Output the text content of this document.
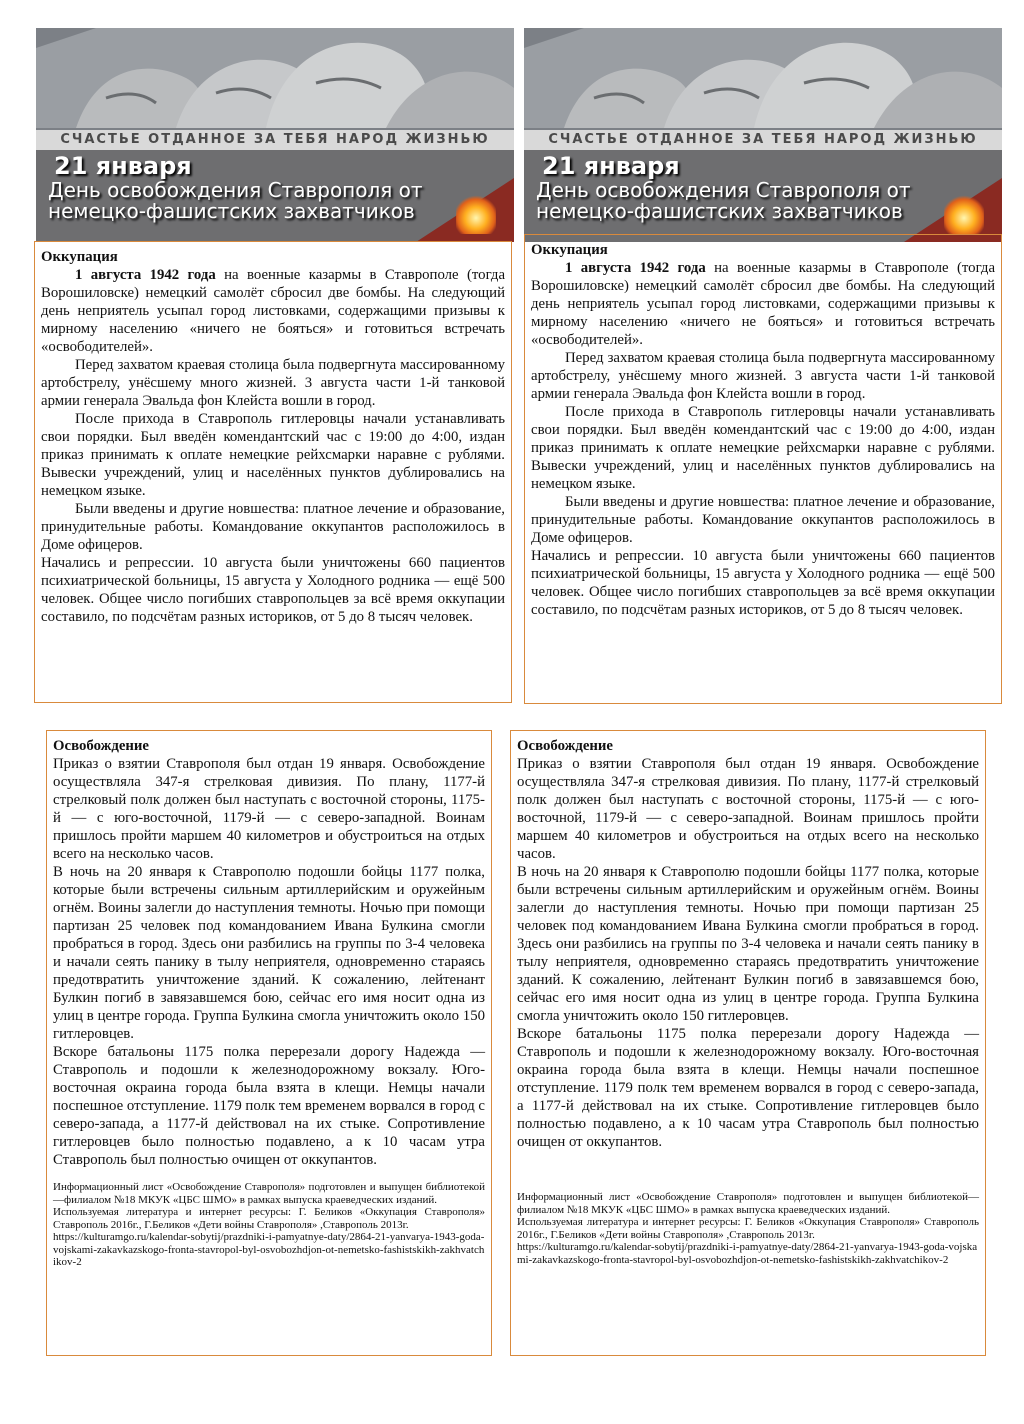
СЧАСТЬЕ ОТДАННОЕ ЗА ТЕБЯ НАРОД ЖИЗНЬЮ
21 января
День освобождения Ставрополя от немецко-фашистских захватчиков
СЧАСТЬЕ ОТДАННОЕ ЗА ТЕБЯ НАРОД ЖИЗНЬЮ
21 января
День освобождения Ставрополя от немецко-фашистских захватчиков
Оккупация

1 августа 1942 года на военные казармы в Ставрополе (тогда Ворошиловске) немецкий самолёт сбросил две бомбы. На следующий день неприятель усыпал город листовками, содержащими призывы к мирному населению «ничего не бояться» и готовиться встречать «освободителей».

Перед захватом краевая столица была подвергнута массированному артобстрелу, унёсшему много жизней. 3 августа части 1-й танковой армии генерала Эвальда фон Клейста вошли в город.

После прихода в Ставрополь гитлеровцы начали устанавливать свои порядки. Был введён комендантский час с 19:00 до 4:00, издан приказ принимать к оплате немецкие рейхсмарки наравне с рублями. Вывески учреждений, улиц и населённых пунктов дублировались на немецком языке.

Были введены и другие новшества: платное лечение и образование, принудительные работы. Командование оккупантов расположилось в Доме офицеров.

Начались и репрессии. 10 августа были уничтожены 660 пациентов психиатрической больницы, 15 августа у Холодного родника — ещё 500 человек. Общее число погибших ставропольцев за всё время оккупации составило, по подсчётам разных историков, от 5 до 8 тысяч человек.

Оккупация

1 августа 1942 года на военные казармы в Ставрополе (тогда Ворошиловске) немецкий самолёт сбросил две бомбы. На следующий день неприятель усыпал город листовками, содержащими призывы к мирному населению «ничего не бояться» и готовиться встречать «освободителей».

Перед захватом краевая столица была подвергнута массированному артобстрелу, унёсшему много жизней. 3 августа части 1-й танковой армии генерала Эвальда фон Клейста вошли в город.

После прихода в Ставрополь гитлеровцы начали устанавливать свои порядки. Был введён комендантский час с 19:00 до 4:00, издан приказ принимать к оплате немецкие рейхсмарки наравне с рублями. Вывески учреждений, улиц и населённых пунктов дублировались на немецком языке.

Были введены и другие новшества: платное лечение и образование, принудительные работы. Командование оккупантов расположилось в Доме офицеров.

Начались и репрессии. 10 августа были уничтожены 660 пациентов психиатрической больницы, 15 августа у Холодного родника — ещё 500 человек. Общее число погибших ставропольцев за всё время оккупации составило, по подсчётам разных историков, от 5 до 8 тысяч человек.

Освобождение

Приказ о взятии Ставрополя был отдан 19 января. Освобождение осуществляла 347-я стрелковая дивизия. По плану, 1177-й стрелковый полк должен был наступать с восточной стороны, 1175-й — с юго-восточной, 1179-й — с северо-западной. Воинам пришлось пройти маршем 40 километров и обустроиться на отдых всего на несколько часов.

В ночь на 20 января к Ставрополю подошли бойцы 1177 полка, которые были встречены сильным артиллерийским и оружейным огнём. Воины залегли до наступления темноты. Ночью при помощи партизан 25 человек под командованием Ивана Булкина смогли пробраться в город. Здесь они разбились на группы по 3-4 человека и начали сеять панику в тылу неприятеля, одновременно стараясь предотвратить уничтожение зданий. К сожалению, лейтенант Булкин погиб в завязавшемся бою, сейчас его имя носит одна из улиц в центре города. Группа Булкина смогла уничтожить около 150 гитлеровцев.

Вскоре батальоны 1175 полка перерезали дорогу Надежда — Ставрополь и подошли к железнодорожному вокзалу. Юго-восточная окраина города была взята в клещи. Немцы начали поспешное отступление. 1179 полк тем временем ворвался в город с северо-запада, а 1177-й действовал на их стыке. Сопротивление гитлеровцев было полностью подавлено, а к 10 часам утра Ставрополь был полностью очищен от оккупантов.

Информационный лист «Освобождение Ставрополя» подготовлен и выпущен библиотекой—филиалом №18 МКУК «ЦБС ШМО» в рамках выпуска краеведческих изданий.

Используемая литература и интернет ресурсы: Г. Беликов «Оккупация Ставрополя» Ставрополь 2016г., Г.Беликов «Дети войны Ставрополя» ,Ставрополь 2013г.

https://kulturamgo.ru/kalendar-sobytij/prazdniki-i-pamyatnye-daty/2864-21-yanvarya-1943-goda-vojskami-zakavkazskogo-fronta-stavropol-byl-osvobozhdjon-ot-nemetsko-fashistskikh-zakhvatchikov-2

Освобождение

Приказ о взятии Ставрополя был отдан 19 января. Освобождение осуществляла 347-я стрелковая дивизия. По плану, 1177-й стрелковый полк должен был наступать с восточной стороны, 1175-й — с юго-восточной, 1179-й — с северо-западной. Воинам пришлось пройти маршем 40 километров и обустроиться на отдых всего на несколько часов.

В ночь на 20 января к Ставрополю подошли бойцы 1177 полка, которые были встречены сильным артиллерийским и оружейным огнём. Воины залегли до наступления темноты. Ночью при помощи партизан 25 человек под командованием Ивана Булкина смогли пробраться в город. Здесь они разбились на группы по 3-4 человека и начали сеять панику в тылу неприятеля, одновременно стараясь предотвратить уничтожение зданий. К сожалению, лейтенант Булкин погиб в завязавшемся бою, сейчас его имя носит одна из улиц в центре города. Группа Булкина смогла уничтожить около 150 гитлеровцев.

Вскоре батальоны 1175 полка перерезали дорогу Надежда — Ставрополь и подошли к железнодорожному вокзалу. Юго-восточная окраина города была взята в клещи. Немцы начали поспешное отступление. 1179 полк тем временем ворвался в город с северо-запада, а 1177-й действовал на их стыке. Сопротивление гитлеровцев было полностью подавлено, а к 10 часам утра Ставрополь был полностью очищен от оккупантов.

Информационный лист «Освобождение Ставрополя» подготовлен и выпущен библиотекой—филиалом №18 МКУК «ЦБС ШМО» в рамках выпуска краеведческих изданий.

Используемая литература и интернет ресурсы: Г. Беликов «Оккупация Ставрополя» Ставрополь 2016г., Г.Беликов «Дети войны Ставрополя» ,Ставрополь 2013г.

https://kulturamgo.ru/kalendar-sobytij/prazdniki-i-pamyatnye-daty/2864-21-yanvarya-1943-goda-vojskami-zakavkazskogo-fronta-stavropol-byl-osvobozhdjon-ot-nemetsko-fashistskikh-zakhvatchikov-2
